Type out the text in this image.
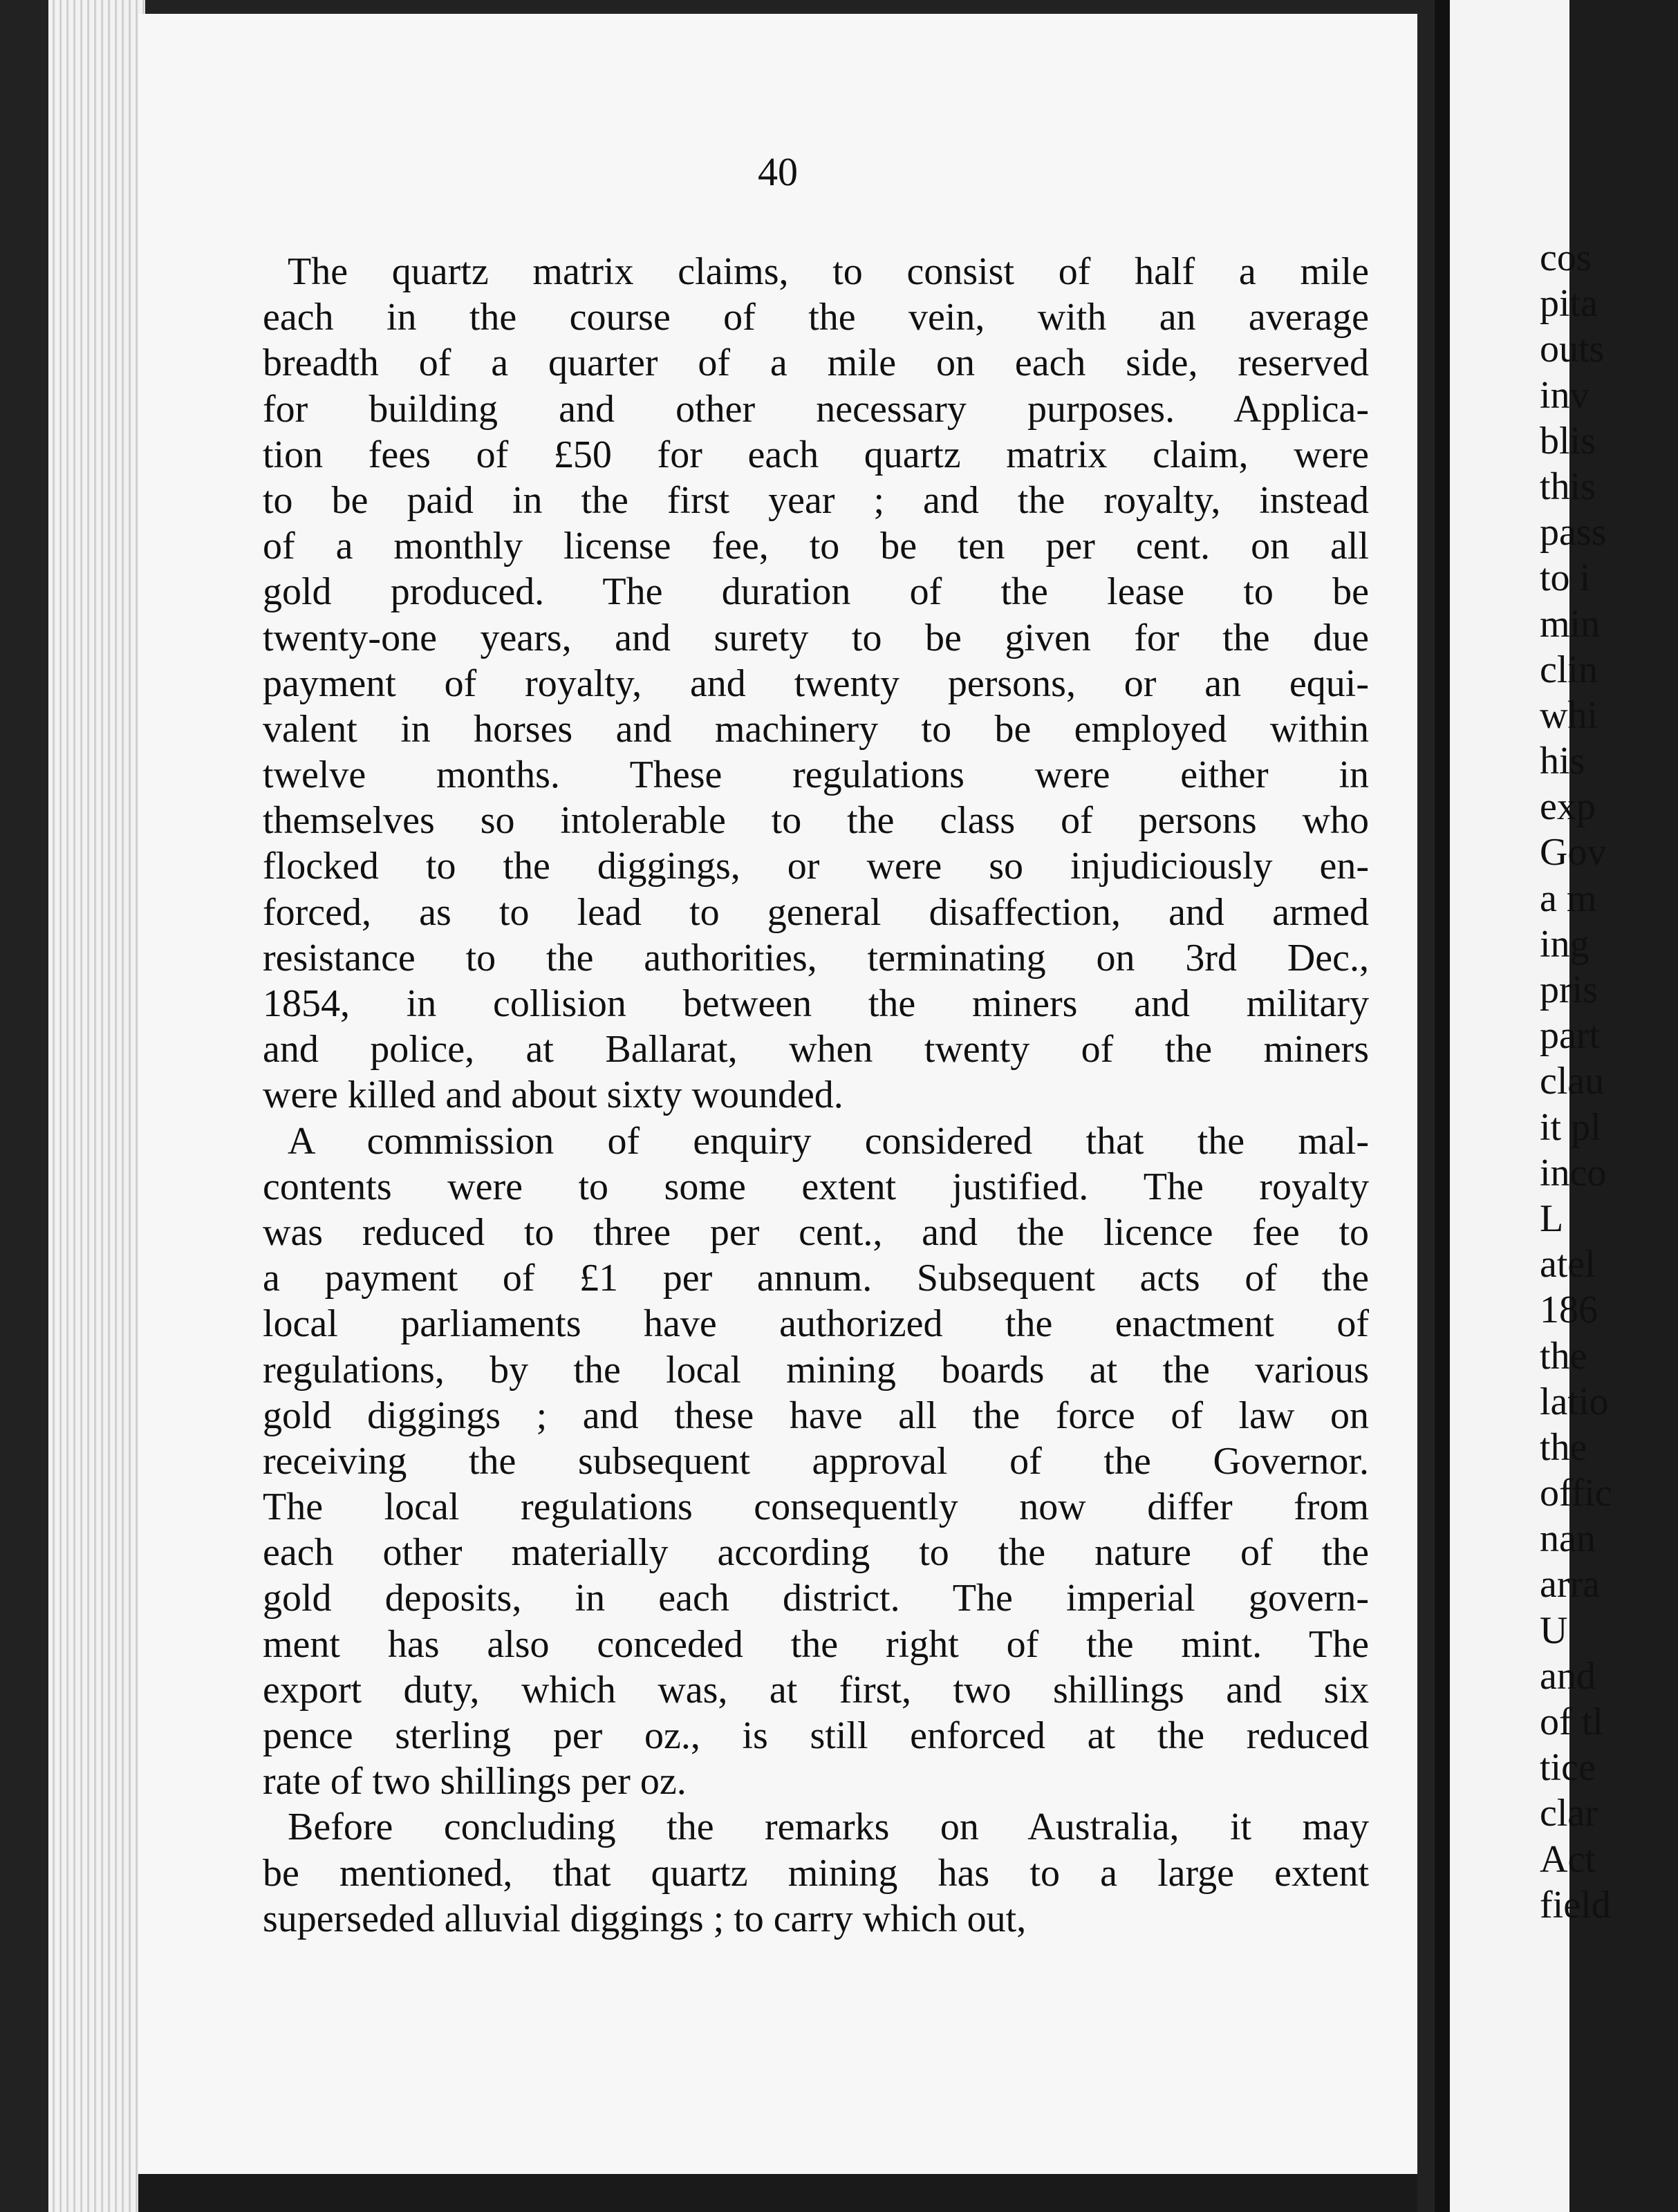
40
The quartz matrix claims, to consist of half a mile
each in the course of the vein, with an average
breadth of a quarter of a mile on each side, reserved
for building and other necessary purposes. Applica-
tion fees of £50 for each quartz matrix claim, were
to be paid in the first year ; and the royalty, instead
of a monthly license fee, to be ten per cent. on all
gold produced. The duration of the lease to be
twenty-one years, and surety to be given for the due
payment of royalty, and twenty persons, or an equi-
valent in horses and machinery to be employed within
twelve months. These regulations were either in
themselves so intolerable to the class of persons who
flocked to the diggings, or were so injudiciously en-
forced, as to lead to general disaffection, and armed
resistance to the authorities, terminating on 3rd Dec.,
1854, in collision between the miners and military
and police, at Ballarat, when twenty of the miners
were killed and about sixty wounded.
A commission of enquiry considered that the mal-
contents were to some extent justified. The royalty
was reduced to three per cent., and the licence fee to
a payment of £1 per annum. Subsequent acts of the
local parliaments have authorized the enactment of
regulations, by the local mining boards at the various
gold diggings ; and these have all the force of law on
receiving the subsequent approval of the Governor.
The local regulations consequently now differ from
each other materially according to the nature of the
gold deposits, in each district. The imperial govern-
ment has also conceded the right of the mint. The
export duty, which was, at first, two shillings and six
pence sterling per oz., is still enforced at the reduced
rate of two shillings per oz.
Before concluding the remarks on Australia, it may
be mentioned, that quartz mining has to a large extent
superseded alluvial diggings ; to carry which out,
cos
pita
outs
inv
blis
this
pass
to i
min
clin
whi
his
exp
Gov
a m
ing
pris
part
clau
it pl
inco
L
atel
186
the
latio
the
offic
nan
arra
U
and
of tl
tice
clar
Act
field
